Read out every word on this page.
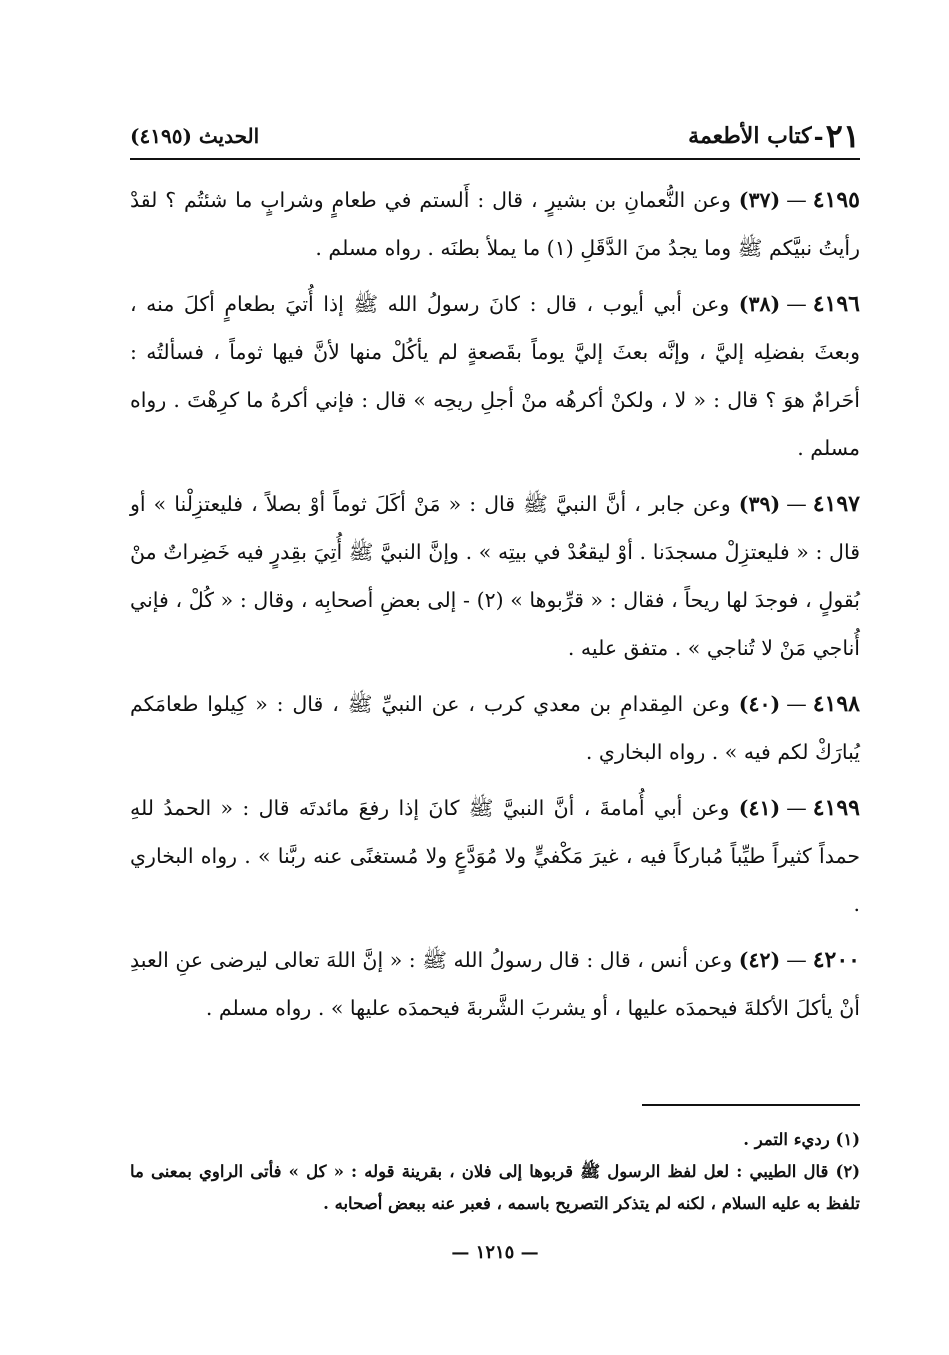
٢١
-
كتاب الأطعمة
الحديث (٤١٩٥)

٤١٩٥—(٣٧) وعن النُّعمانِ بن بشيرٍ ، قال : أَلستم في طعامٍ وشرابٍ ما شئتُم ؟ لقدْ رأيتُ نبيَّكم ﷺ وما يجدُ منَ الدَّقَلِ (١) ما يملأ بطنَه . رواه مسلم .

٤١٩٦—(٣٨) وعن أبي أيوب ، قال : كانَ رسولُ الله ﷺ إذا أُتيَ بطعامٍ أكلَ منه ، وبعثَ بفضلِه إليَّ ، وإنَّه بعثَ إليَّ يوماً بقَصعةٍ لم يأكُلْ منها لأنَّ فيها ثوماً ، فسألتُه : أحَرامٌ هوَ ؟ قال : « لا ، ولكنْ أكرهُه منْ أجلِ ريحِه » قال : فإني أكرهُ ما كرِهْتَ . رواه مسلم .

٤١٩٧—(٣٩) وعن جابر ، أنَّ النبيَّ ﷺ قال : « مَنْ أكَلَ ثوماً أوْ بصلاً ، فليعتزِلْنا » أو قال : « فليعتزِلْ مسجدَنا . أوْ ليقعُدْ في بيتِه » . وإنَّ النبيَّ ﷺ أُتِيَ بقِدرٍ فيه خَضِراتٌ منْ بُقولٍ ، فوجدَ لها ريحاً ، فقال : « قرِّبوها » (٢) - إلى بعضِ أصحابِه ، وقال : « كُلْ ، فإني أُناجي مَنْ لا تُناجي » . متفق عليه .

٤١٩٨—(٤٠) وعن المِقدامِ بن معدي كرب ، عن النبيِّ ﷺ ، قال : « كِيلوا طعامَكم يُبارَكْ لكم فيه » . رواه البخاري .

٤١٩٩—(٤١) وعن أبي أُمامةَ ، أنَّ النبيَّ ﷺ كانَ إذا رفعَ مائدتَه قال : « الحمدُ للهِ حمداً كثيراً طيِّباً مُباركاً فيه ، غيرَ مَكْفيٍّ ولا مُوَدَّعٍ ولا مُستغنًى عنه ربَّنا » . رواه البخاري .

٤٢٠٠—(٤٢) وعن أنس ، قال : قال رسولُ الله ﷺ : « إنَّ اللهَ تعالى ليرضى عنِ العبدِ أنْ يأكلَ الأكلةَ فيحمدَه عليها ، أو يشربَ الشَّربةَ فيحمدَه عليها » . رواه مسلم .

(١) رديء التمر .

(٢) قال الطيبي : لعل لفظ الرسول ﷺ قربوها إلى فلان ، بقرينة قوله : « كل » فأتى الراوي بمعنى ما تلفظ به عليه السلام ، لكنه لم يتذكر التصريح باسمه ، فعبر عنه ببعض أصحابه .

— ١٢١٥ —
